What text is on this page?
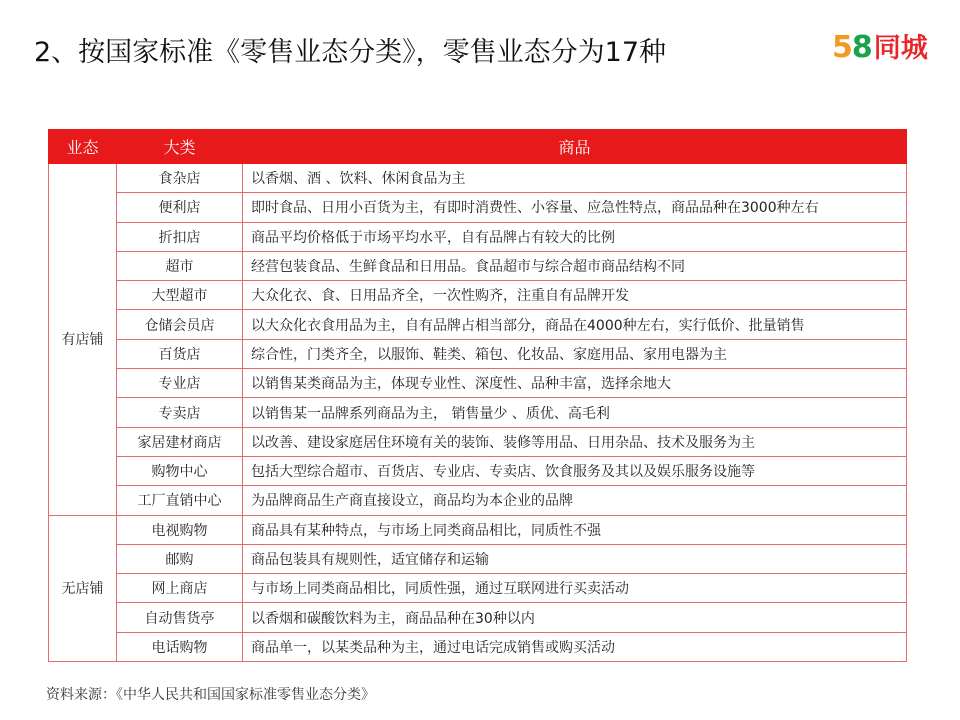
2、按国家标准《零售业态分类》，零售业态分为17种	5 8 同城
业态	大类	商品
有店铺	食杂店	以香烟、酒 、饮料、休闲食品为主
	便利店	即时食品、日用小百货为主，有即时消费性、小容量、应急性特点，商品品种在3000种左右
	折扣店	商品平均价格低于市场平均水平，自有品牌占有较大的比例
	超市	经营包装食品、生鲜食品和日用品。食品超市与综合超市商品结构不同
	大型超市	大众化衣、食、日用品齐全，一次性购齐，注重自有品牌开发
	仓储会员店	以大众化衣食用品为主，自有品牌占相当部分，商品在4000种左右，实行低价、批量销售
	百货店	综合性，门类齐全，以服饰、鞋类、箱包、化妆品、家庭用品、家用电器为主
	专业店	以销售某类商品为主，体现专业性、深度性、品种丰富，选择余地大
	专卖店	以销售某一品牌系列商品为主， 销售量少 、质优、高毛利
	家居建材商店	以改善、建设家庭居住环境有关的装饰、装修等用品、日用杂品、技术及服务为主
	购物中心	包括大型综合超市、百货店、专业店、专卖店、饮食服务及其以及娱乐服务设施等
	工厂直销中心	为品牌商品生产商直接设立，商品均为本企业的品牌
无店铺	电视购物	商品具有某种特点，与市场上同类商品相比，同质性不强
	邮购	商品包装具有规则性，适宜储存和运输
	网上商店	与市场上同类商品相比，同质性强，通过互联网进行买卖活动
	自动售货亭	以香烟和碳酸饮料为主，商品品种在30种以内
	电话购物	商品单一，以某类品种为主，通过电话完成销售或购买活动
资料来源：《中华人民共和国国家标准零售业态分类》
